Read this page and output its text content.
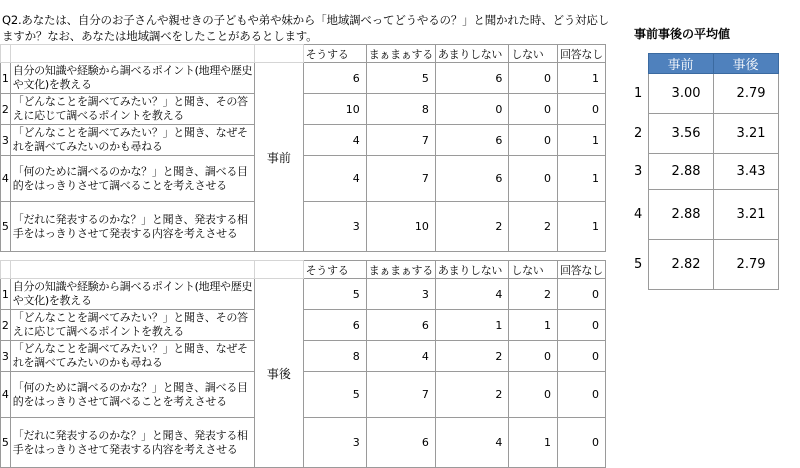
Q2.あなたは、自分のお子さんや親せきの子どもや弟や妹から「地域調べってどうやるの？」と聞かれた時、どう対応しますか？なお、あなたは地域調べをしたことがあるとします。
			そうする	まぁまぁする	あまりしない	しない	回答なし
1	自分の知識や経験から調べるポイント(地理や歴史や文化)を教える	事前	6	5	6	0	1
2	「どんなことを調べてみたい？」と聞き、その答えに応じて調べるポイントを教える		10	8	0	0	0
3	「どんなことを調べてみたい？」と聞き、なぜそれを調べてみたいのかも尋ねる		4	7	6	0	1
4	「何のために調べるのかな？」と聞き、調べる目的をはっきりさせて調べることを考えさせる		4	7	6	0	1
5	「だれに発表するのかな？」と聞き、発表する相手をはっきりさせて発表する内容を考えさせる		3	10	2	2	1
			そうする	まぁまぁする	あまりしない	しない	回答なし
1	自分の知識や経験から調べるポイント(地理や歴史や文化)を教える	事後	5	3	4	2	0
2	「どんなことを調べてみたい？」と聞き、その答えに応じて調べるポイントを教える		6	6	1	1	0
3	「どんなことを調べてみたい？」と聞き、なぜそれを調べてみたいのかも尋ねる		8	4	2	0	0
4	「何のために調べるのかな？」と聞き、調べる目的をはっきりさせて調べることを考えさせる		5	7	2	0	0
5	「だれに発表するのかな？」と聞き、発表する相手をはっきりさせて発表する内容を考えさせる		3	6	4	1	0
事前事後の平均値
	事前	事後
1	3.00	2.79
2	3.56	3.21
3	2.88	3.43
4	2.88	3.21
5	2.82	2.79
